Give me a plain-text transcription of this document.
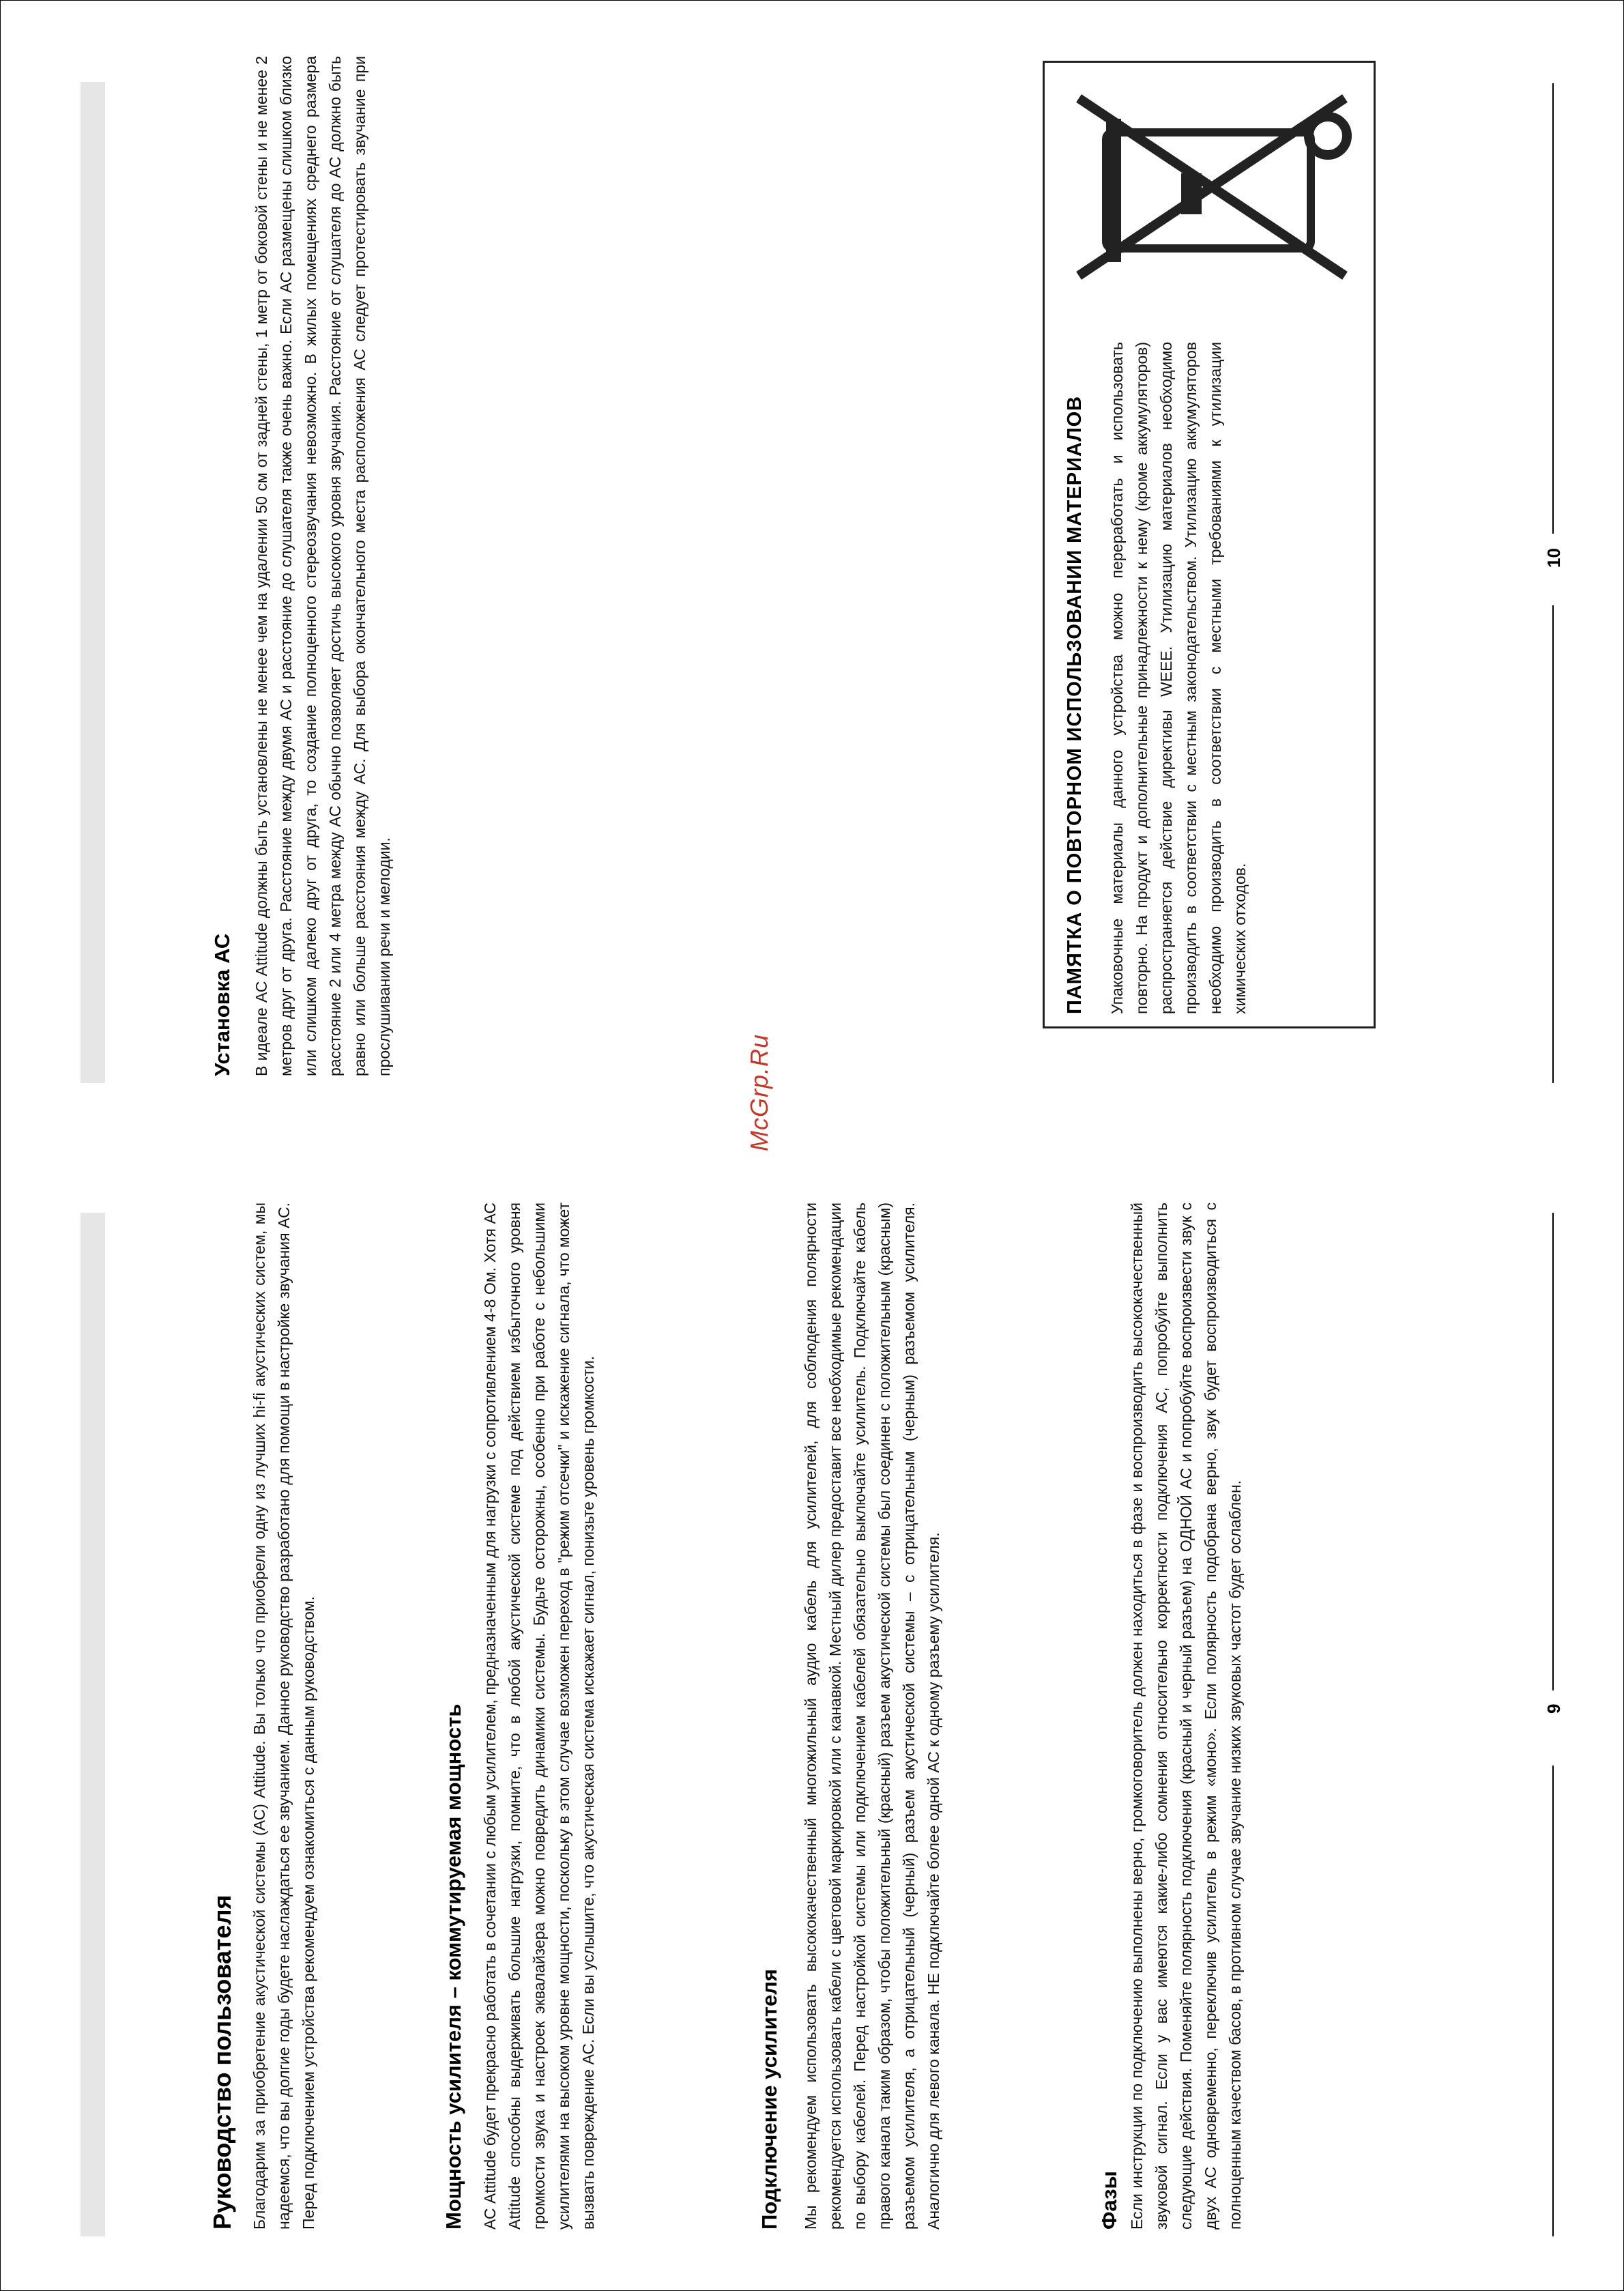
Руководство пользователя Благодарим за приобретение акустической системы (АС) Attitude. Вы только что приобрели одну из лучших hi-fi акустических систем, мы надеемся, что вы долгие годы будете наслаждаться ее звучанием. Данное руководство разработано для помощи в настройке звучания АС. Перед подключением устройства рекомендуем ознакомиться с данным руководством.	Мощность усилителя – коммутируемая мощность АС Attitude будет прекрасно работать в сочетании с любым усилителем, предназначенным для нагрузки с сопротивлением 4-8 Ом. Хотя АС Attitude способны выдерживать большие нагрузки, помните, что в любой акустической системе под действием избыточного уровня громкости звука и настроек эквалайзера можно повредить динамики системы. Будьте осторожны, особенно при работе с небольшими усилителями на высоком уровне мощности, поскольку в этом случае возможен переход в "режим отсечки" и искажение сигнала, что может вызвать повреждение АС. Если вы услышите, что акустическая система искажает сигнал, понизьте уровень громкости.	Подключение усилителя Мы рекомендуем использовать высококачественный многожильный аудио кабель для усилителей, для соблюдения полярности рекомендуется использовать кабели с цветовой маркировкой или с канавкой. Местный дилер предоставит все необходимые рекомендации по выбору кабелей. Перед настройкой системы или подключением кабелей обязательно выключайте усилитель. Подключайте кабель правого канала таким образом, чтобы положительный (красный) разъем акустической системы был соединен с положительным (красным) разъемом усилителя, а отрицательный (черный) разъем акустической системы – с отрицательным (черным) разъемом усилителя. Аналогично для левого канала. НЕ подключайте более одной АС к одному разъему усилителя.	Фазы Если инструкции по подключению выполнены верно, громкоговоритель должен находиться в фазе и воспроизводить высококачественный звуковой сигнал. Если у вас имеются какие-либо сомнения относительно корректности подключения АС, попробуйте выполнить следующие действия. Поменяйте полярность подключения (красный и черный разъем) на ОДНОЙ АС и попробуйте воспроизвести звук с двух АС одновременно, переключив усилитель в режим «моно». Если полярность подобрана верно, звук будет воспроизводиться с полноценным качеством басов, в противном случае звучание низких звуковых частот будет ослаблен.	9
McGrp.Ru
Установка АС В идеале АС Attitude должны быть установлены не менее чем на удалении 50 см от задней стены, 1 метр от боковой стены и не менее 2 метров друг от друга. Расстояние между двумя АС и расстояние до слушателя также очень важно. Если АС размещены слишком близко или слишком далеко друг от друга, то создание полноценного стереозвучания невозможно. В жилых помещениях среднего размера расстояние 2 или 4 метра между АС обычно позволяет достичь высокого уровня звучания. Расстояние от слушателя до АС должно быть равно или больше расстояния между АС. Для выбора окончательного места расположения АС следует протестировать звучание при прослушивании речи и мелодии.	ПАМЯТКА О ПОВТОРНОМ ИСПОЛЬЗОВАНИИ МАТЕРИАЛОВ Упаковочные материалы данного устройства можно переработать и использовать повторно. На продукт и дополнительные принадлежности к нему (кроме аккумуляторов) распространяется действие директивы WEEE. Утилизацию материалов необходимо производить в соответствии с местным законодательством. Утилизацию аккумуляторов необходимо производить в соответствии с местными требованиями к утилизации химических отходов.

10
